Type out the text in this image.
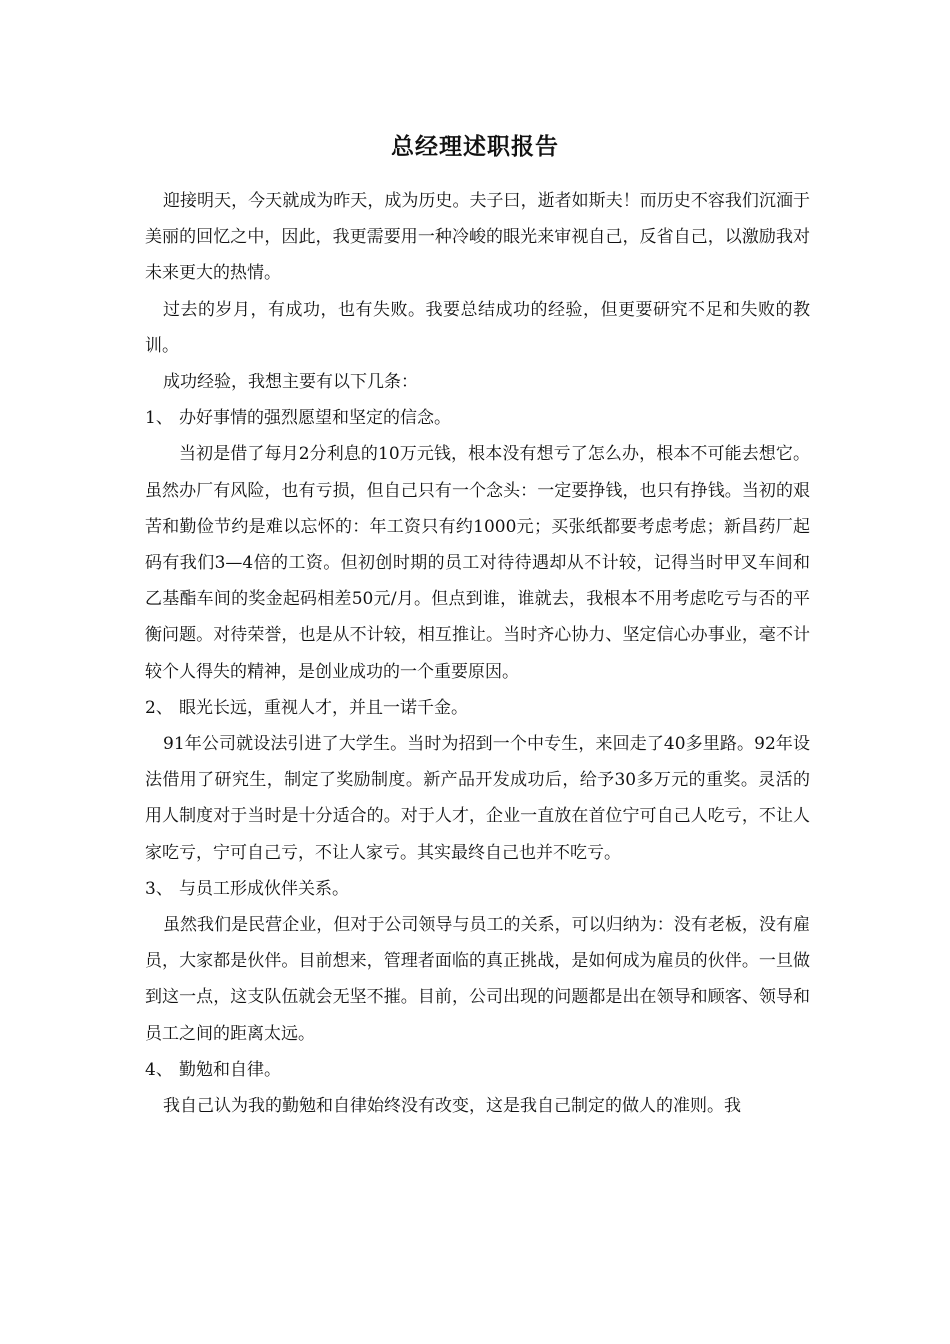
总经理述职报告

迎接明天，今天就成为昨天，成为历史。夫子曰，逝者如斯夫！而历史不容我们沉湎于美丽的回忆之中，因此，我更需要用一种冷峻的眼光来审视自己，反省自己，以激励我对未来更大的热情。

过去的岁月，有成功，也有失败。我要总结成功的经验，但更要研究不足和失败的教训。

成功经验，我想主要有以下几条：

1、 办好事情的强烈愿望和坚定的信念。

当初是借了每月2分利息的10万元钱，根本没有想亏了怎么办，根本不可能去想它。虽然办厂有风险，也有亏损，但自己只有一个念头：一定要挣钱，也只有挣钱。当初的艰苦和勤俭节约是难以忘怀的：年工资只有约1000元；买张纸都要考虑考虑；新昌药厂起码有我们3—4倍的工资。但初创时期的员工对待待遇却从不计较，记得当时甲叉车间和乙基酯车间的奖金起码相差50元/月。但点到谁，谁就去，我根本不用考虑吃亏与否的平衡问题。对待荣誉，也是从不计较，相互推让。当时齐心协力、坚定信心办事业，毫不计较个人得失的精神，是创业成功的一个重要原因。

2、 眼光长远，重视人才，并且一诺千金。

91年公司就设法引进了大学生。当时为招到一个中专生，来回走了40多里路。92年设法借用了研究生，制定了奖励制度。新产品开发成功后，给予30多万元的重奖。灵活的用人制度对于当时是十分适合的。对于人才，企业一直放在首位宁可自己人吃亏，不让人家吃亏，宁可自己亏，不让人家亏。其实最终自己也并不吃亏。

3、 与员工形成伙伴关系。

虽然我们是民营企业，但对于公司领导与员工的关系，可以归纳为：没有老板，没有雇员，大家都是伙伴。目前想来，管理者面临的真正挑战，是如何成为雇员的伙伴。一旦做到这一点，这支队伍就会无坚不摧。目前，公司出现的问题都是出在领导和顾客、领导和员工之间的距离太远。

4、 勤勉和自律。

我自己认为我的勤勉和自律始终没有改变，这是我自己制定的做人的准则。我
